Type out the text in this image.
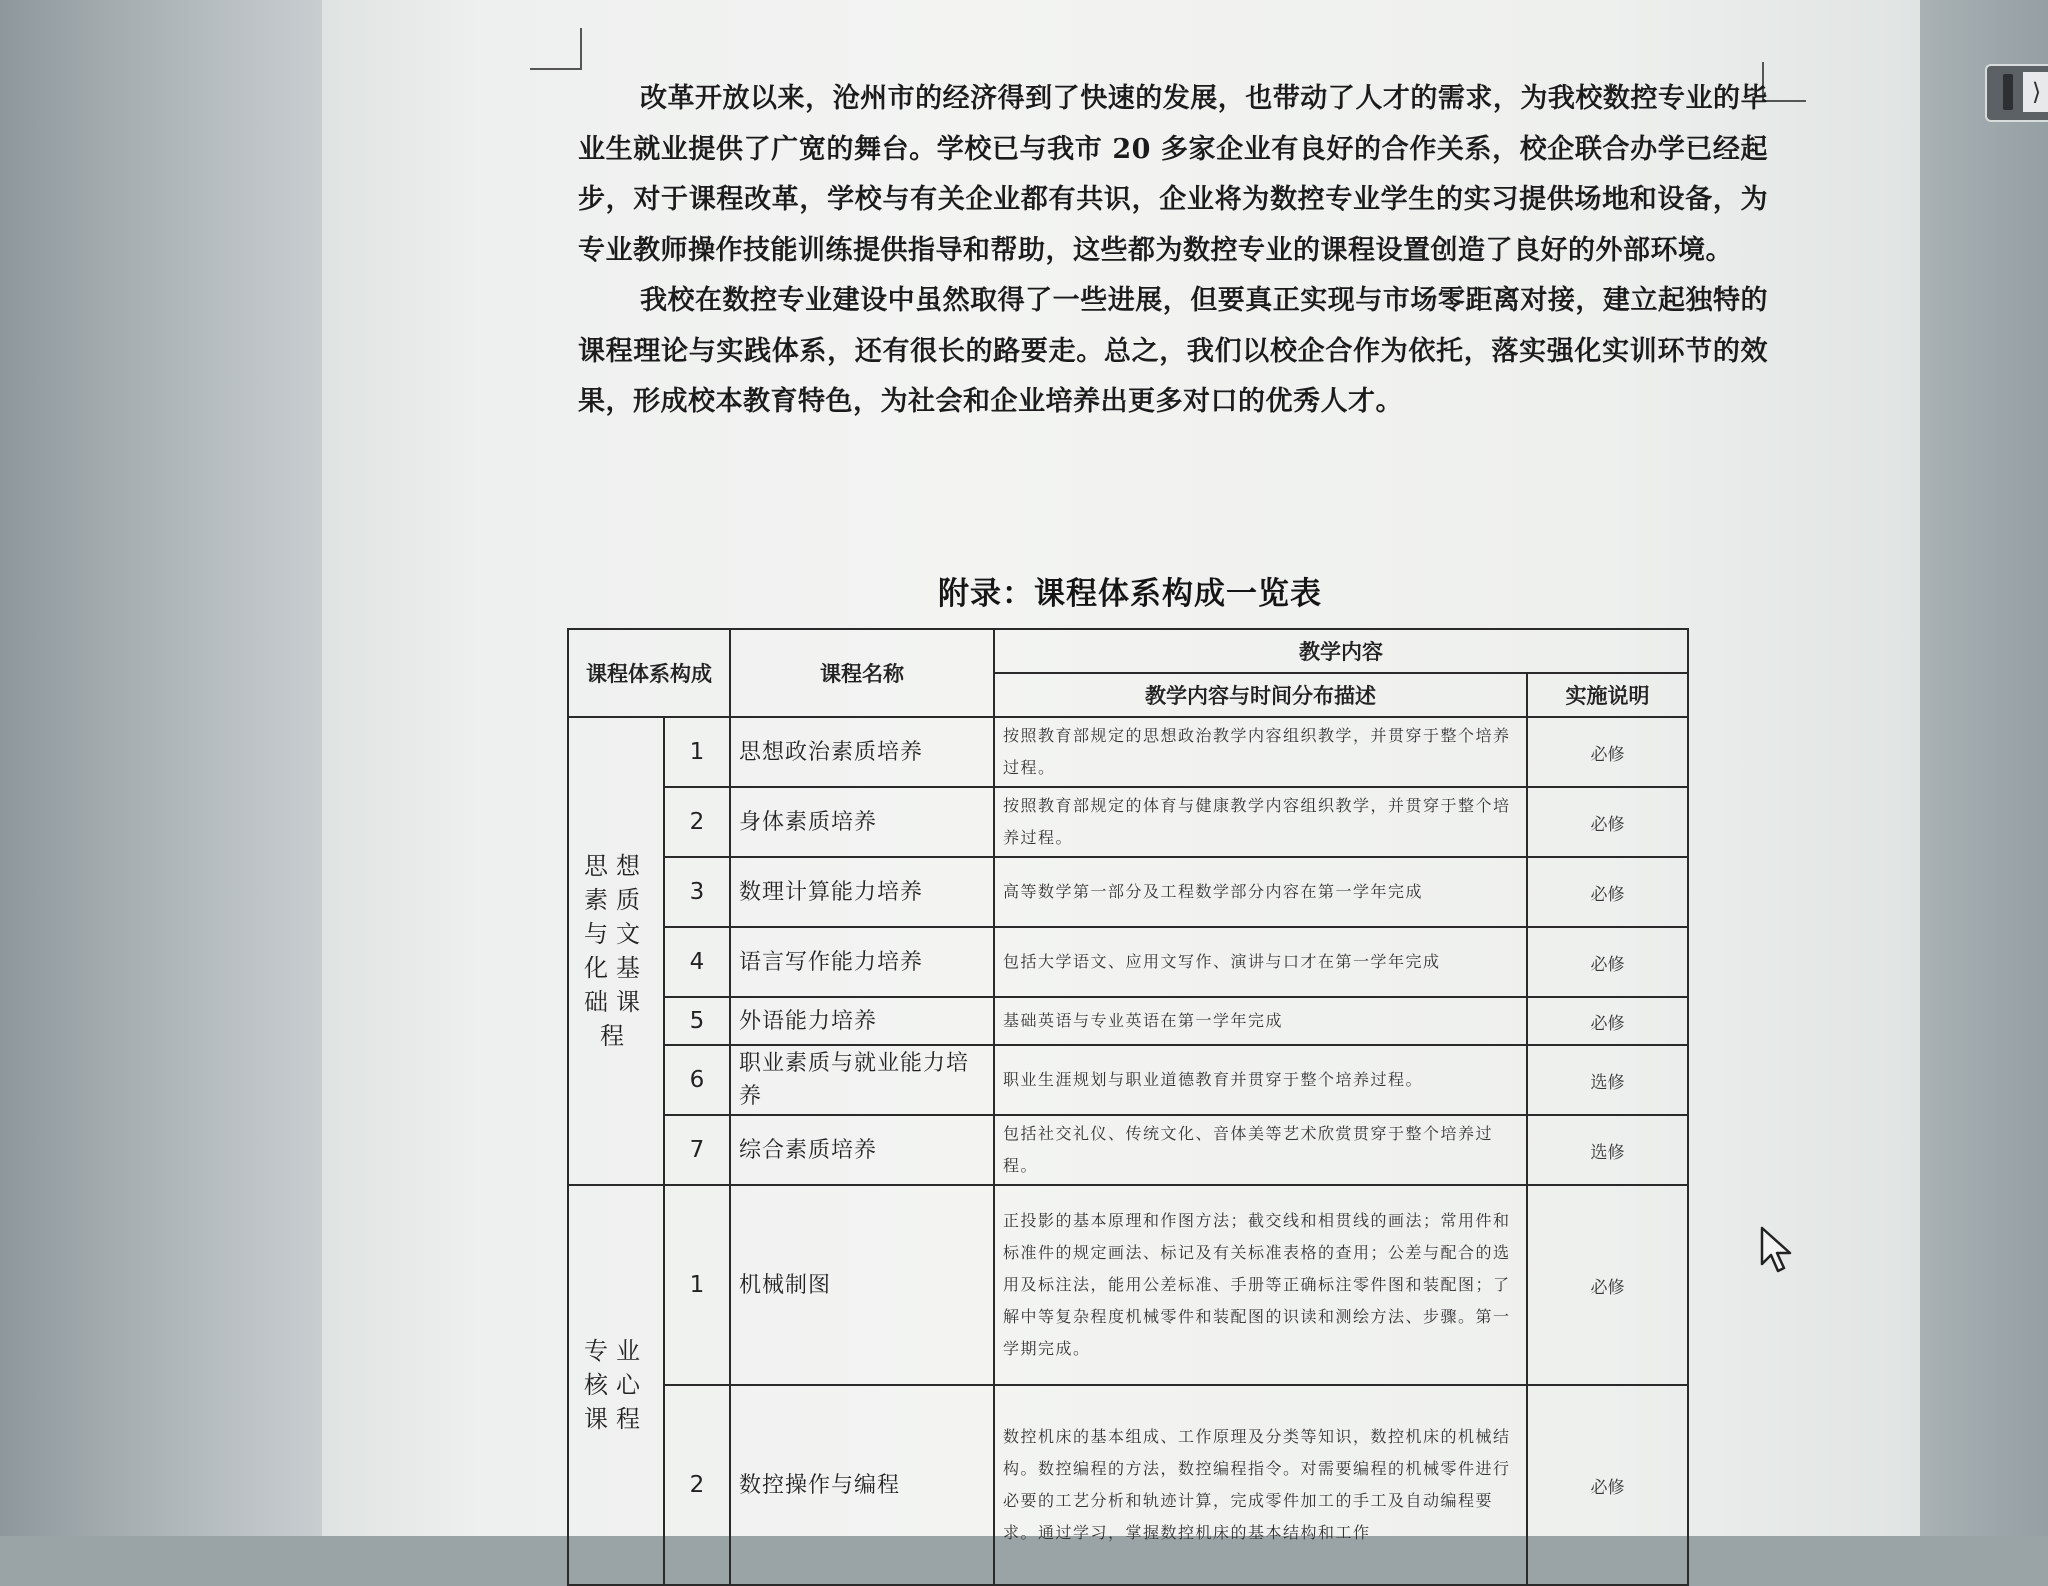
⟩

改革开放以来，沧州市的经济得到了快速的发展，也带动了人才的需求，为我校数控专业的毕业生就业提供了广宽的舞台。学校已与我市 20 多家企业有良好的合作关系，校企联合办学已经起步，对于课程改革，学校与有关企业都有共识，企业将为数控专业学生的实习提供场地和设备，为专业教师操作技能训练提供指导和帮助，这些都为数控专业的课程设置创造了良好的外部环境。

我校在数控专业建设中虽然取得了一些进展，但要真正实现与市场零距离对接，建立起独特的课程理论与实践体系，还有很长的路要走。总之，我们以校企合作为依托，落实强化实训环节的效果，形成校本教育特色，为社会和企业培养出更多对口的优秀人才。

附录：课程体系构成一览表
课程体系构成		课程名称	教学内容	
			教学内容与时间分布描述	实施说明
思想素质与文化基础课程	1	思想政治素质培养	按照教育部规定的思想政治教学内容组织教学，并贯穿于整个培养过程。	必修
	2	身体素质培养	按照教育部规定的体育与健康教学内容组织教学，并贯穿于整个培养过程。	必修
	3	数理计算能力培养	高等数学第一部分及工程数学部分内容在第一学年完成	必修
	4	语言写作能力培养	包括大学语文、应用文写作、演讲与口才在第一学年完成	必修
	5	外语能力培养	基础英语与专业英语在第一学年完成	必修
	6	职业素质与就业能力培养	职业生涯规划与职业道德教育并贯穿于整个培养过程。	选修
	7	综合素质培养	包括社交礼仪、传统文化、音体美等艺术欣赏贯穿于整个培养过程。	选修
专业核心课程	1	机械制图	正投影的基本原理和作图方法；截交线和相贯线的画法；常用件和标准件的规定画法、标记及有关标准表格的查用；公差与配合的选用及标注法，能用公差标准、手册等正确标注零件图和装配图；了解中等复杂程度机械零件和装配图的识读和测绘方法、步骤。第一学期完成。	必修
	2	数控操作与编程	数控机床的基本组成、工作原理及分类等知识，数控机床的机械结构。数控编程的方法，数控编程指令。对需要编程的机械零件进行必要的工艺分析和轨迹计算，完成零件加工的手工及自动编程要求。通过学习，掌握数控机床的基本结构和工作	必修
